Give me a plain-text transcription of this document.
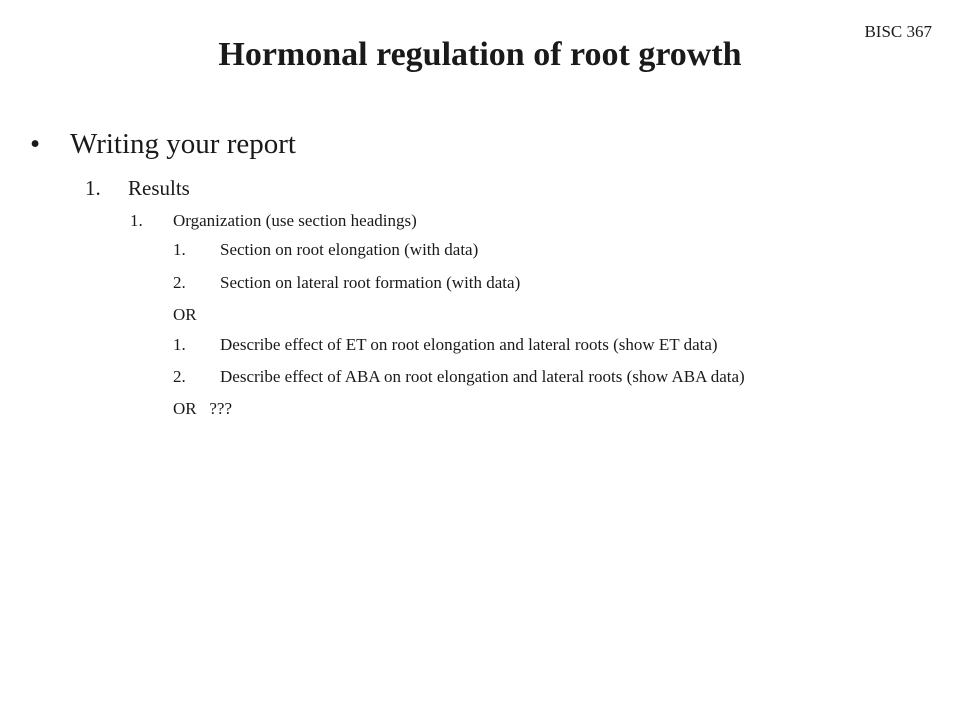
BISC 367
Hormonal regulation of root growth
• Writing your report
1. Results
1. Organization (use section headings)
1. Section on root elongation (with data)
2. Section on lateral root formation (with data)
OR
1. Describe effect of ET on root elongation and lateral roots (show ET data)
2. Describe effect of ABA on root elongation and lateral roots (show ABA data)
OR   ???
